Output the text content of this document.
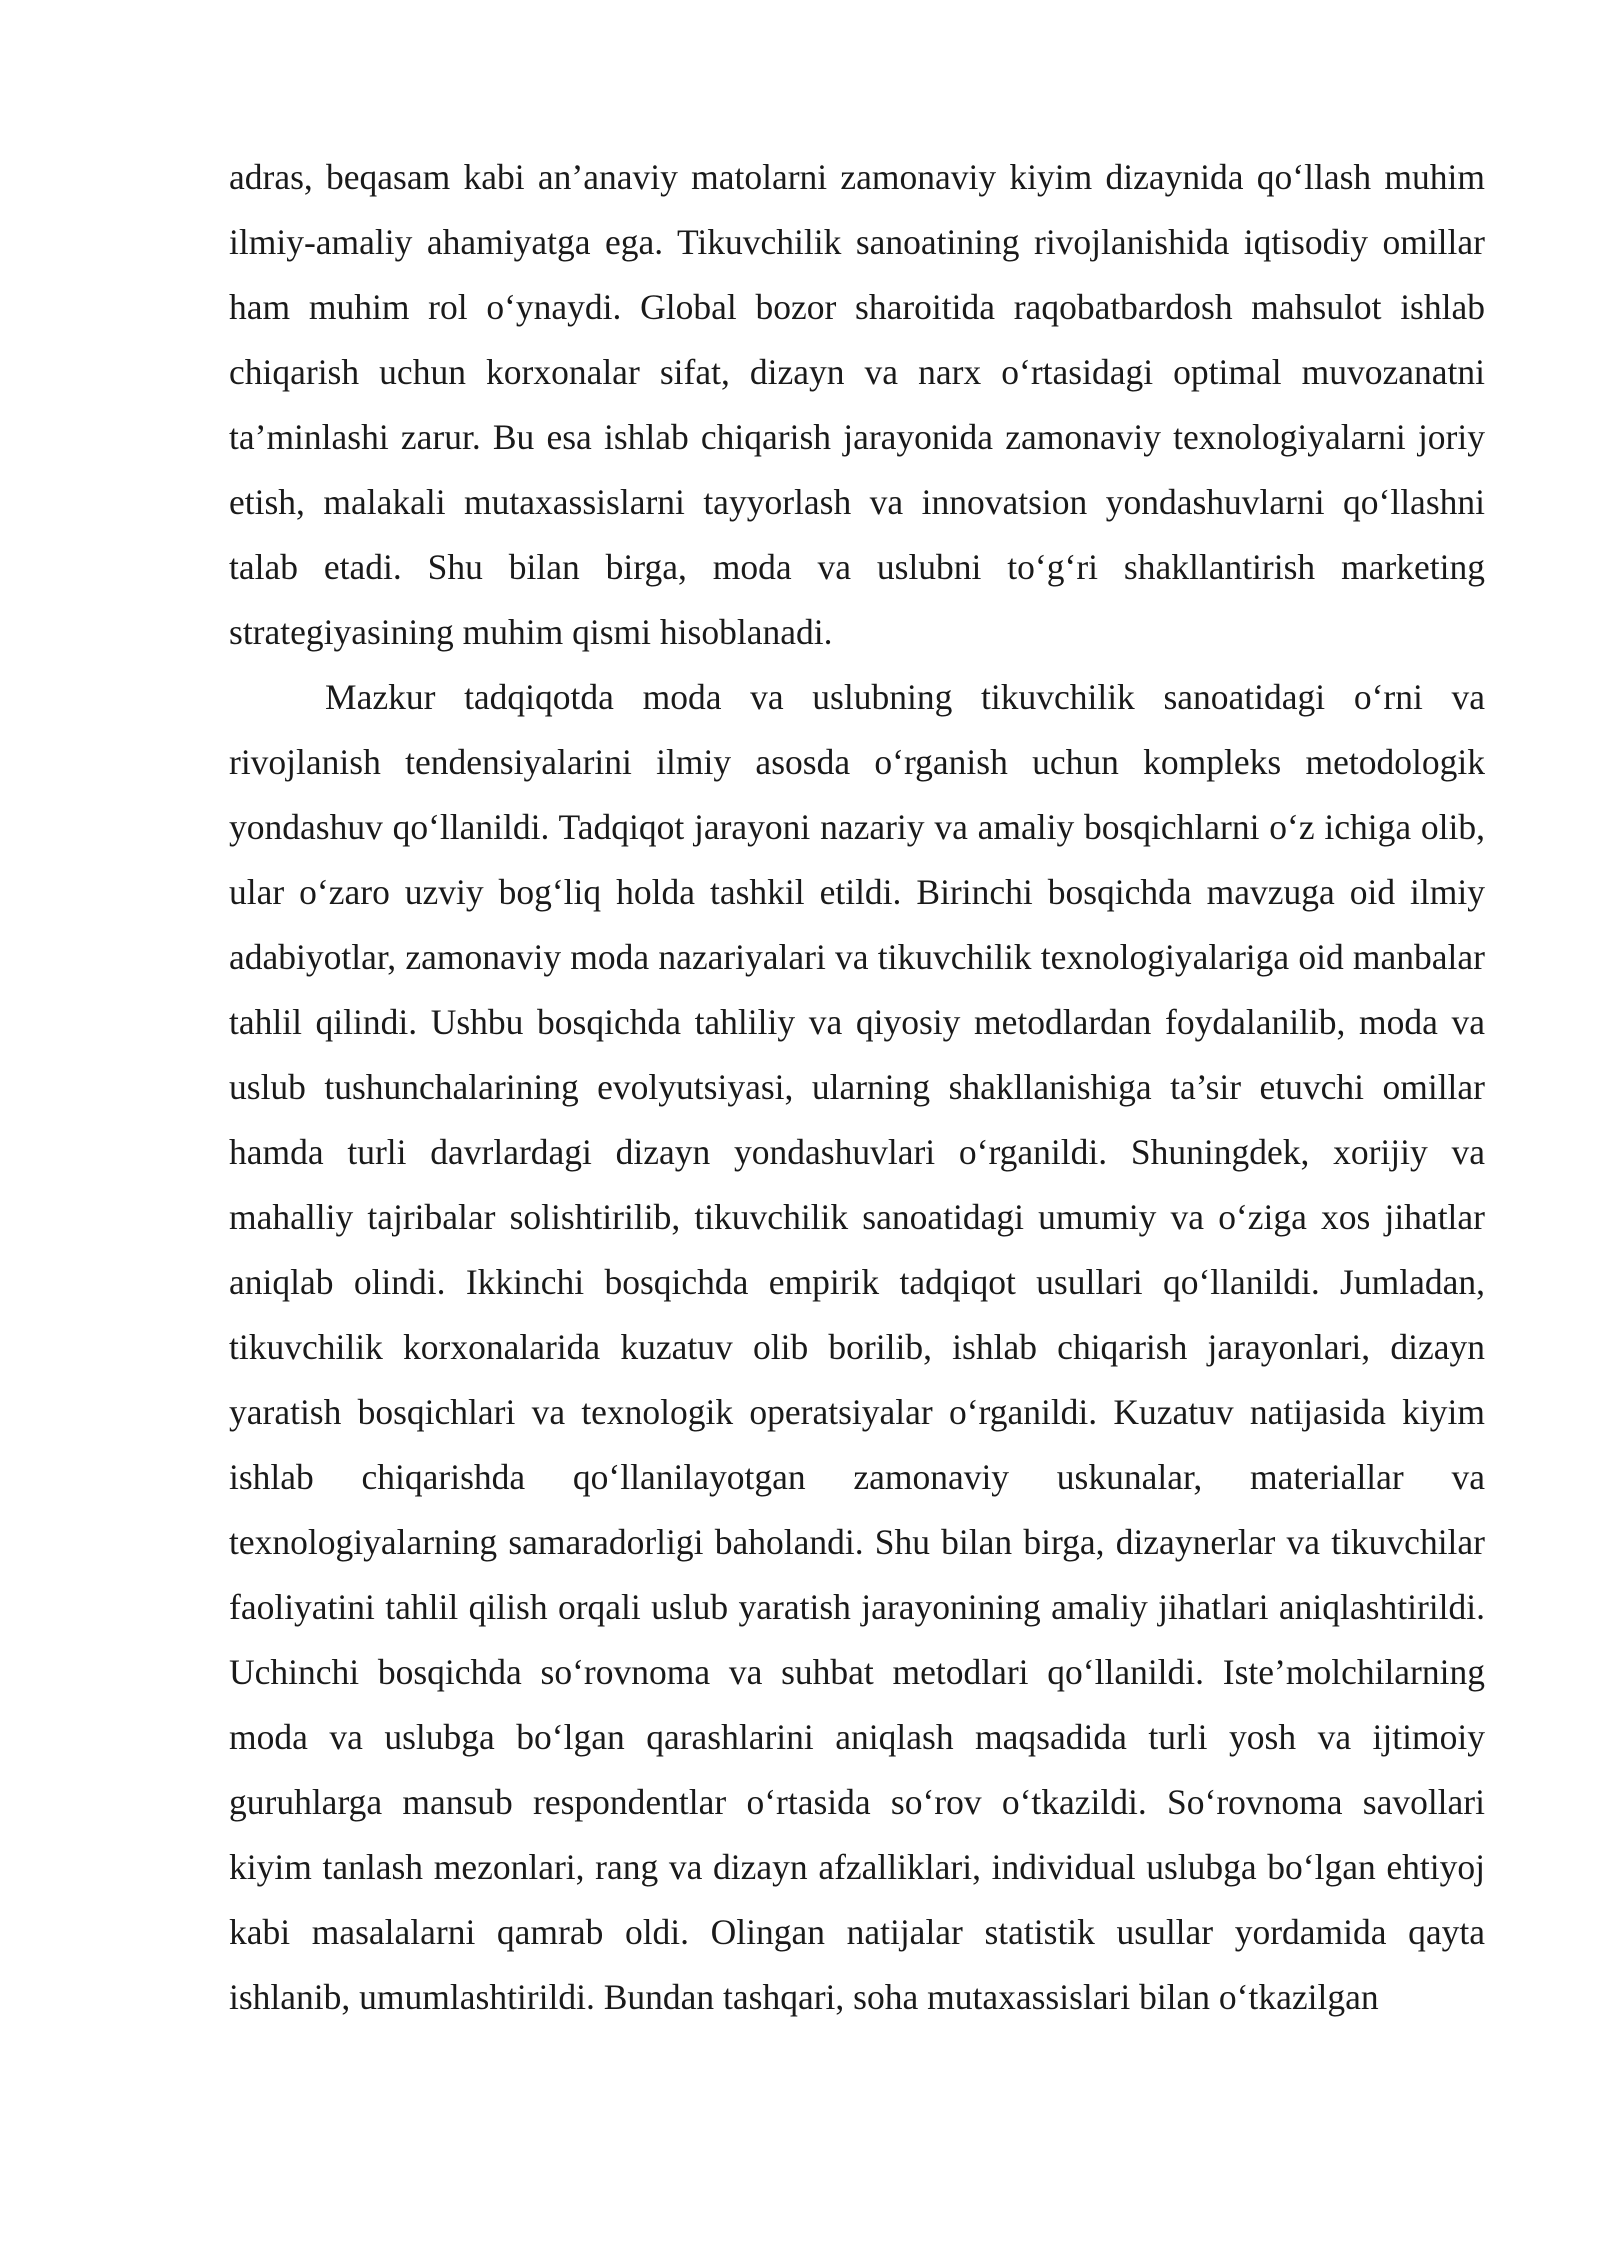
adras, beqasam kabi an’anaviy matolarni zamonaviy kiyim dizaynida qo‘llash muhim ilmiy-amaliy ahamiyatga ega. Tikuvchilik sanoatining rivojlanishida iqtisodiy omillar ham muhim rol o‘ynaydi. Global bozor sharoitida raqobatbardosh mahsulot ishlab chiqarish uchun korxonalar sifat, dizayn va narx o‘rtasidagi optimal muvozanatni ta’minlashi zarur. Bu esa ishlab chiqarish jarayonida zamonaviy texnologiyalarni joriy etish, malakali mutaxassislarni tayyorlash va innovatsion yondashuvlarni qo‘llashni talab etadi. Shu bilan birga, moda va uslubni to‘g‘ri shakllantirish marketing strategiyasining muhim qismi hisoblanadi.

Mazkur tadqiqotda moda va uslubning tikuvchilik sanoatidagi o‘rni va rivojlanish tendensiyalarini ilmiy asosda o‘rganish uchun kompleks metodologik yondashuv qo‘llanildi. Tadqiqot jarayoni nazariy va amaliy bosqichlarni o‘z ichiga olib, ular o‘zaro uzviy bog‘liq holda tashkil etildi. Birinchi bosqichda mavzuga oid ilmiy adabiyotlar, zamonaviy moda nazariyalari va tikuvchilik texnologiyalariga oid manbalar tahlil qilindi. Ushbu bosqichda tahliliy va qiyosiy metodlardan foydalanilib, moda va uslub tushunchalarining evolyutsiyasi, ularning shakllanishiga ta’sir etuvchi omillar hamda turli davrlardagi dizayn yondashuvlari o‘rganildi. Shuningdek, xorijiy va mahalliy tajribalar solishtirilib, tikuvchilik sanoatidagi umumiy va o‘ziga xos jihatlar aniqlab olindi. Ikkinchi bosqichda empirik tadqiqot usullari qo‘llanildi. Jumladan, tikuvchilik korxonalarida kuzatuv olib borilib, ishlab chiqarish jarayonlari, dizayn yaratish bosqichlari va texnologik operatsiyalar o‘rganildi. Kuzatuv natijasida kiyim ishlab chiqarishda qo‘llanilayotgan zamonaviy uskunalar, materiallar va texnologiyalarning samaradorligi baholandi. Shu bilan birga, dizaynerlar va tikuvchilar faoliyatini tahlil qilish orqali uslub yaratish jarayonining amaliy jihatlari aniqlashtirildi. Uchinchi bosqichda so‘rovnoma va suhbat metodlari qo‘llanildi. Iste’molchilarning moda va uslubga bo‘lgan qarashlarini aniqlash maqsadida turli yosh va ijtimoiy guruhlarga mansub respondentlar o‘rtasida so‘rov o‘tkazildi. So‘rovnoma savollari kiyim tanlash mezonlari, rang va dizayn afzalliklari, individual uslubga bo‘lgan ehtiyoj kabi masalalarni qamrab oldi. Olingan natijalar statistik usullar yordamida qayta ishlanib, umumlashtirildi. Bundan tashqari, soha mutaxassislari bilan o‘tkazilgan
